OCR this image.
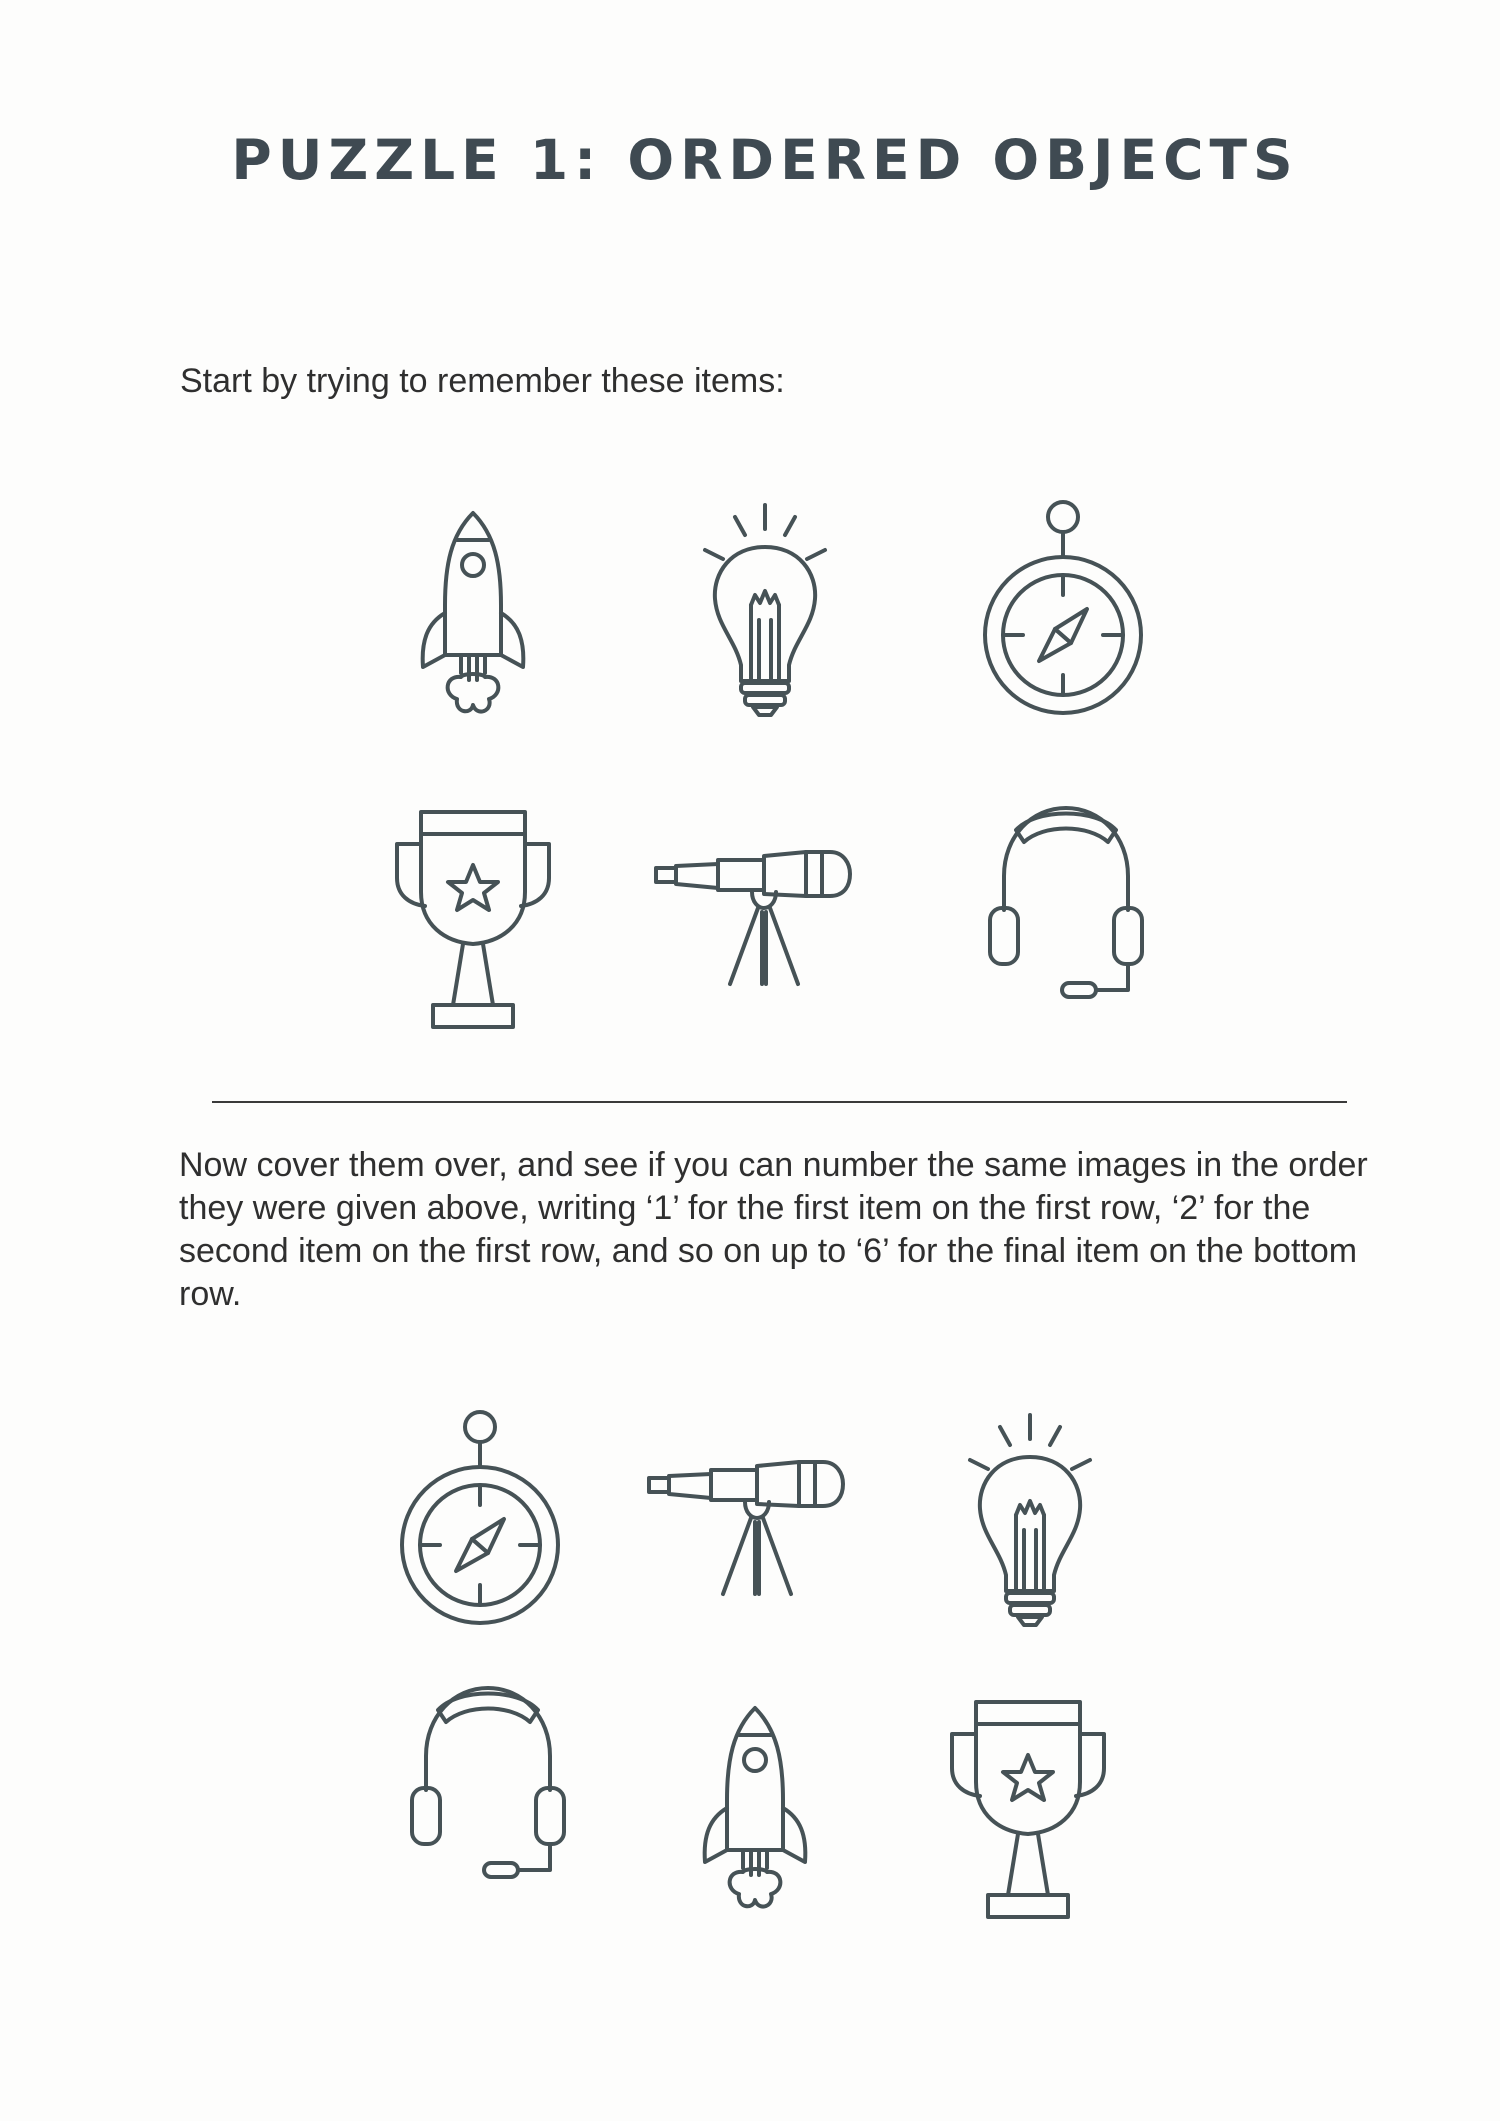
PUZZLE 1: ORDERED OBJECTS
Start by trying to remember these items:
Now cover them over, and see if you can number the same images in the order they were given above, writing ‘1’ for the first item on the first row, ‘2’ for the second item on the first row, and so on up to ‘6’ for the final item on the bottom row.
